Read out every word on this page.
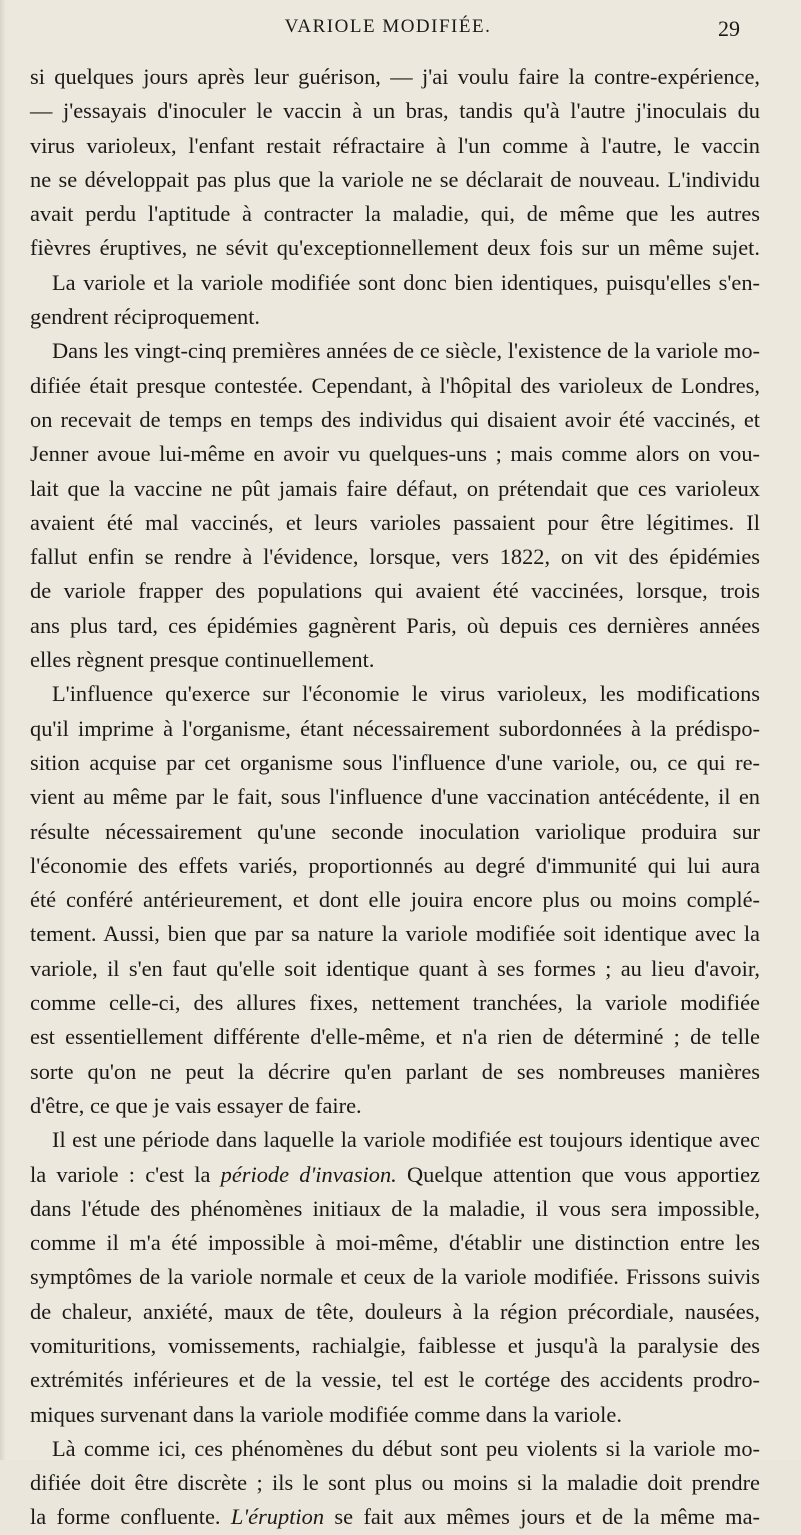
VARIOLE MODIFIÉE.	29
si quelques jours après leur guérison, — j'ai voulu faire la contre-expérience,
— j'essayais d'inoculer le vaccin à un bras, tandis qu'à l'autre j'inoculais du
virus varioleux, l'enfant restait réfractaire à l'un comme à l'autre, le vaccin
ne se développait pas plus que la variole ne se déclarait de nouveau. L'individu
avait perdu l'aptitude à contracter la maladie, qui, de même que les autres
fièvres éruptives, ne sévit qu'exceptionnellement deux fois sur un même sujet.
La variole et la variole modifiée sont donc bien identiques, puisqu'elles s'en-
gendrent réciproquement.
Dans les vingt-cinq premières années de ce siècle, l'existence de la variole mo-
difiée était presque contestée. Cependant, à l'hôpital des varioleux de Londres,
on recevait de temps en temps des individus qui disaient avoir été vaccinés, et
Jenner avoue lui-même en avoir vu quelques-uns ; mais comme alors on vou-
lait que la vaccine ne pût jamais faire défaut, on prétendait que ces varioleux
avaient été mal vaccinés, et leurs varioles passaient pour être légitimes. Il
fallut enfin se rendre à l'évidence, lorsque, vers 1822, on vit des épidémies
de variole frapper des populations qui avaient été vaccinées, lorsque, trois
ans plus tard, ces épidémies gagnèrent Paris, où depuis ces dernières années
elles règnent presque continuellement.
L'influence qu'exerce sur l'économie le virus varioleux, les modifications
qu'il imprime à l'organisme, étant nécessairement subordonnées à la prédispo-
sition acquise par cet organisme sous l'influence d'une variole, ou, ce qui re-
vient au même par le fait, sous l'influence d'une vaccination antécédente, il en
résulte nécessairement qu'une seconde inoculation variolique produira sur
l'économie des effets variés, proportionnés au degré d'immunité qui lui aura
été conféré antérieurement, et dont elle jouira encore plus ou moins complé-
tement. Aussi, bien que par sa nature la variole modifiée soit identique avec la
variole, il s'en faut qu'elle soit identique quant à ses formes ; au lieu d'avoir,
comme celle-ci, des allures fixes, nettement tranchées, la variole modifiée
est essentiellement différente d'elle-même, et n'a rien de déterminé ; de telle
sorte qu'on ne peut la décrire qu'en parlant de ses nombreuses manières
d'être, ce que je vais essayer de faire.
Il est une période dans laquelle la variole modifiée est toujours identique avec
la variole : c'est la période d'invasion. Quelque attention que vous apportiez
dans l'étude des phénomènes initiaux de la maladie, il vous sera impossible,
comme il m'a été impossible à moi-même, d'établir une distinction entre les
symptômes de la variole normale et ceux de la variole modifiée. Frissons suivis
de chaleur, anxiété, maux de tête, douleurs à la région précordiale, nausées,
vomituritions, vomissements, rachialgie, faiblesse et jusqu'à la paralysie des
extrémités inférieures et de la vessie, tel est le cortége des accidents prodro-
miques survenant dans la variole modifiée comme dans la variole.
Là comme ici, ces phénomènes du début sont peu violents si la variole mo-
difiée doit être discrète ; ils le sont plus ou moins si la maladie doit prendre
la forme confluente. L'éruption se fait aux mêmes jours et de la même ma-
